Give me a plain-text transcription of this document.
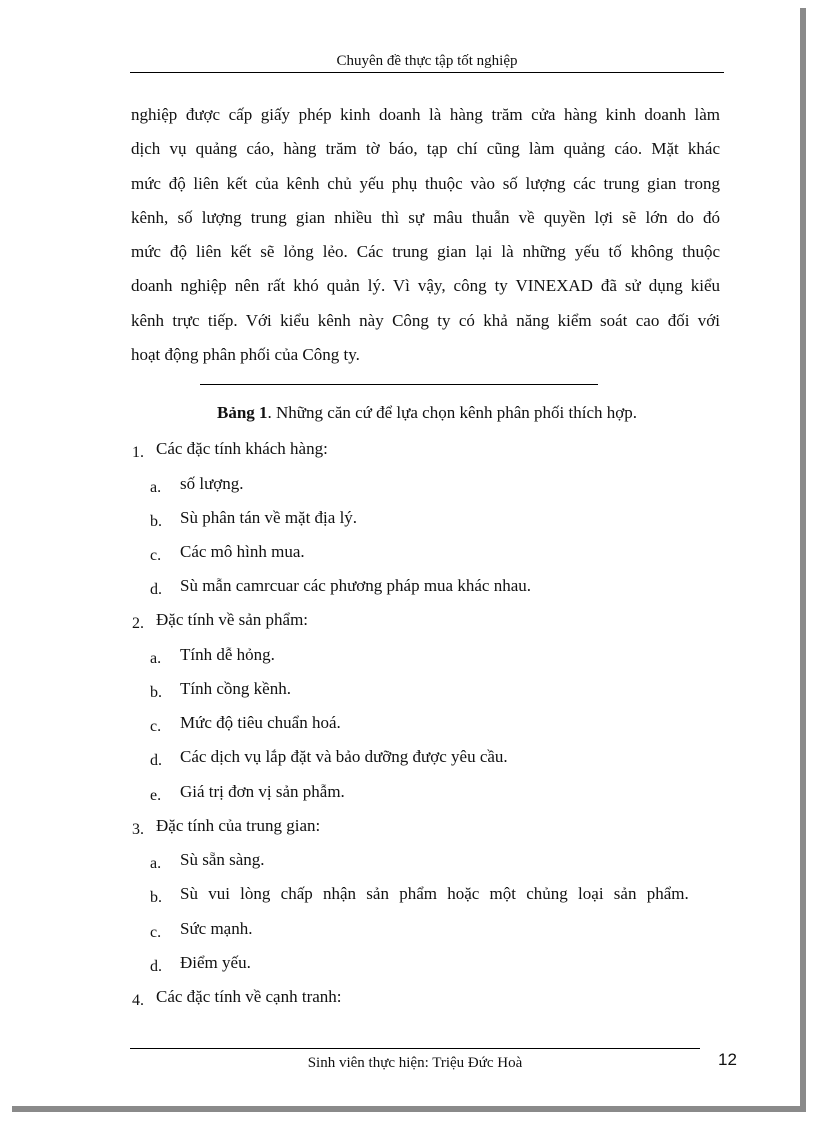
Chuyên đề thực tập tốt nghiệp
nghiệp được cấp giấy phép kinh doanh là hàng trăm cửa hàng kinh doanh làm
dịch vụ quảng cáo, hàng trăm tờ báo, tạp chí cũng làm quảng cáo. Mặt khác
mức độ liên kết của kênh chủ yếu phụ thuộc vào số lượng các trung gian trong
kênh, số lượng trung gian nhiều thì sự mâu thuẫn về quyền lợi sẽ lớn do đó
mức độ liên kết sẽ lỏng lẻo. Các trung gian lại là những yếu tố không thuộc
doanh nghiệp nên rất khó quản lý. Vì vậy, công ty VINEXAD đã sử dụng kiểu
kênh trực tiếp. Với kiểu kênh này Công ty có khả năng kiểm soát cao đối với
hoạt động phân phối của Công ty.
Bảng 1. Những căn cứ để lựa chọn kênh phân phối thích hợp.
1. Các đặc tính khách hàng:
a. số lượng.
b. Sù phân tán về mặt địa lý.
c. Các mô hình mua.
d. Sù mẫn camrcuar các phương pháp mua khác nhau.
2. Đặc tính về sản phẩm:
a. Tính dễ hỏng.
b. Tính cồng kềnh.
c. Mức độ tiêu chuẩn hoá.
d. Các dịch vụ lắp đặt và bảo dưỡng được yêu cầu.
e. Giá trị đơn vị sản phẫm.
3. Đặc tính của trung gian:
a. Sù sẵn sàng.
b. Sù vui lòng chấp nhận sản phẩm hoặc một chủng loại sản phẩm.
c. Sức mạnh.
d. Điểm yếu.
4. Các đặc tính về cạnh tranh:
Sinh viên thực hiện: Triệu Đức Hoà	12
